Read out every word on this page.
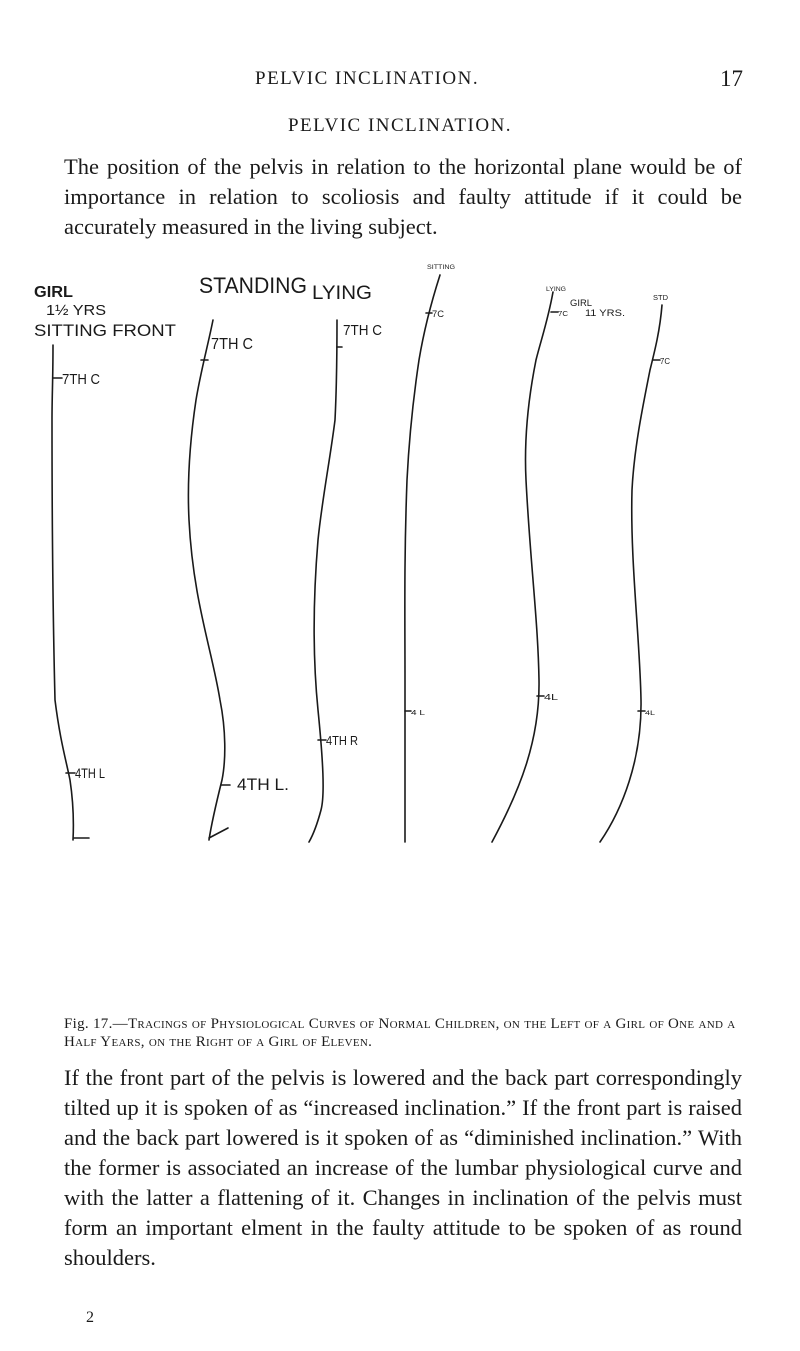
PELVIC INCLINATION.	17
PELVIC INCLINATION.

The position of the pelvis in relation to the horizontal plane would be of importance in relation to scoliosis and faulty attitude if it could be accurately measured in the living subject.

GIRL
1½ YRS
SITTING FRONT
STANDING LYING
7TH C
4TH L
7TH C
4TH L.
7TH C
4TH R
SITTING
LYING
STD
GIRL
11 YRS.
7C
4 L
7C
4L
7C
4L

Fig. 17.—Tracings of Physiological Curves of Normal Children, on the Left of a Girl of One and a Half Years, on the Right of a Girl of Eleven.

If the front part of the pelvis is lowered and the back part correspondingly tilted up it is spoken of as “increased inclination.” If the front part is raised and the back part lowered is it spoken of as “diminished inclination.” With the former is associated an increase of the lumbar physiological curve and with the latter a flattening of it. Changes in inclination of the pelvis must form an important elment in the faulty attitude to be spoken of as round shoulders.

2
